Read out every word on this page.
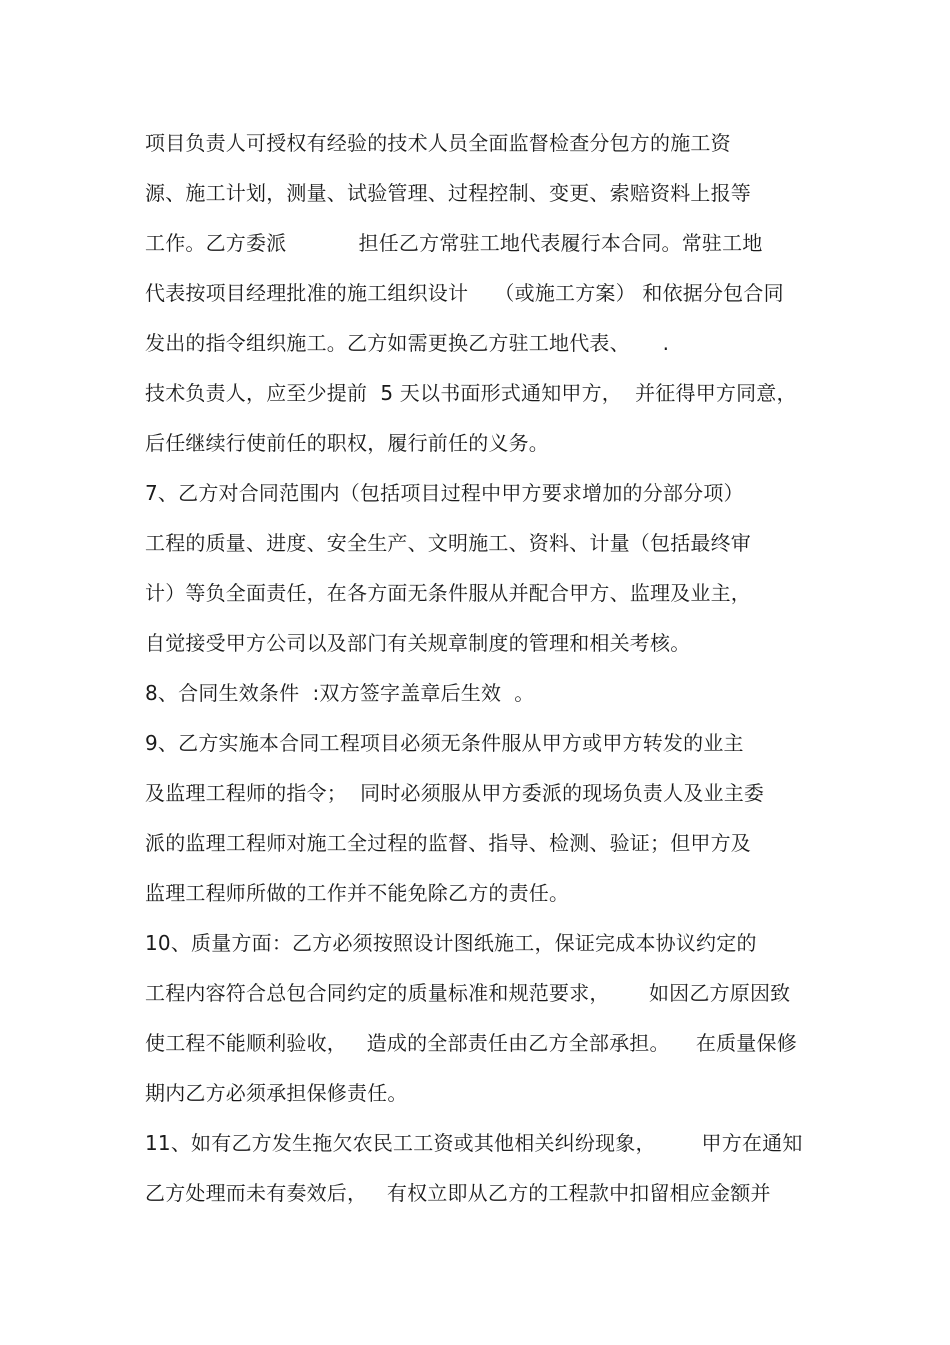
项目负责人可授权有经验的技术人员全面监督检查分包方的施工资
源、施工计划，测量、试验管理、过程控制、变更、索赔资料上报等
工作。乙方委派           担任乙方常驻工地代表履行本合同。常驻工地
代表按项目经理批准的施工组织设计    （或施工方案） 和依据分包合同
发出的指令组织施工。乙方如需更换乙方驻工地代表、     .
技术负责人，应至少提前  5 天以书面形式通知甲方，  并征得甲方同意，
后任继续行使前任的职权，履行前任的义务。
7、乙方对合同范围内（包括项目过程中甲方要求增加的分部分项）
工程的质量、进度、安全生产、文明施工、资料、计量（包括最终审
计）等负全面责任，在各方面无条件服从并配合甲方、监理及业主，
自觉接受甲方公司以及部门有关规章制度的管理和相关考核。
8、合同生效条件  :双方签字盖章后生效  。
9、乙方实施本合同工程项目必须无条件服从甲方或甲方转发的业主
及监理工程师的指令；  同时必须服从甲方委派的现场负责人及业主委
派的监理工程师对施工全过程的监督、指导、检测、验证；但甲方及
监理工程师所做的工作并不能免除乙方的责任。
10、质量方面：乙方必须按照设计图纸施工，保证完成本协议约定的
工程内容符合总包合同约定的质量标准和规范要求，      如因乙方原因致
使工程不能顺利验收，   造成的全部责任由乙方全部承担。    在质量保修
期内乙方必须承担保修责任。
11、如有乙方发生拖欠农民工工资或其他相关纠纷现象，       甲方在通知
乙方处理而未有奏效后，   有权立即从乙方的工程款中扣留相应金额并
